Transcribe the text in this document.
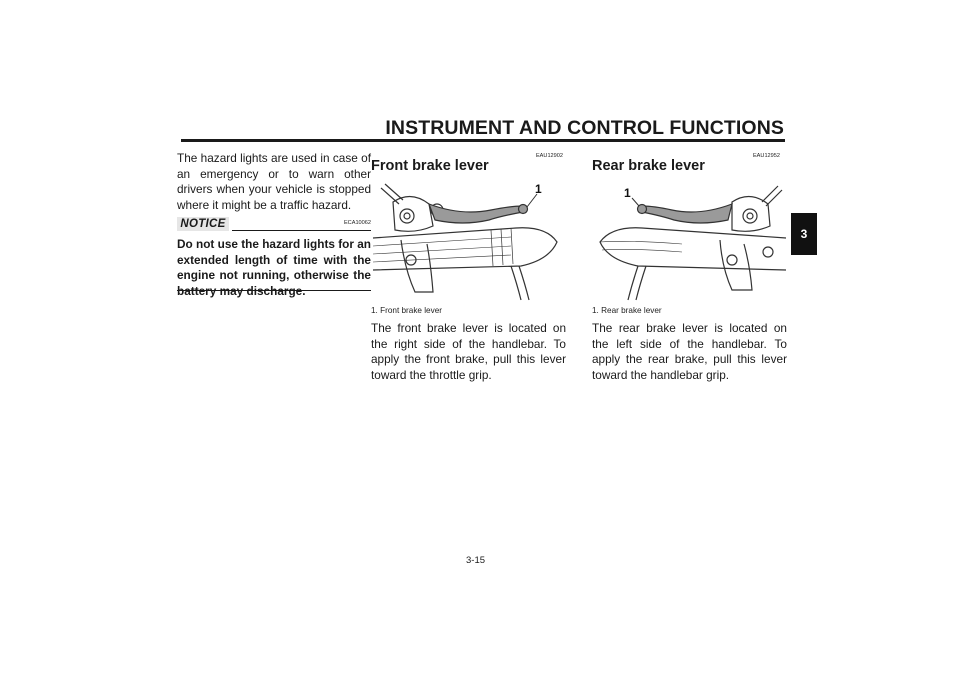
INSTRUMENT AND CONTROL FUNCTIONS
3
The hazard lights are used in case of an emergency or to warn other drivers when your vehicle is stopped where it might be a traffic hazard.
NOTICE	ECA10062
Do not use the hazard lights for an extended length of time with the engine not running, otherwise the
EAU12902
Front brake lever
1
1. Front brake lever
The front brake lever is located on the right side of the handlebar. To apply the front brake, pull this lever toward the throttle grip.
EAU12952
Rear brake lever
1
1. Rear brake lever
The rear brake lever is located on the left side of the handlebar. To apply the rear brake, pull this lever toward the handlebar grip.
3-15
